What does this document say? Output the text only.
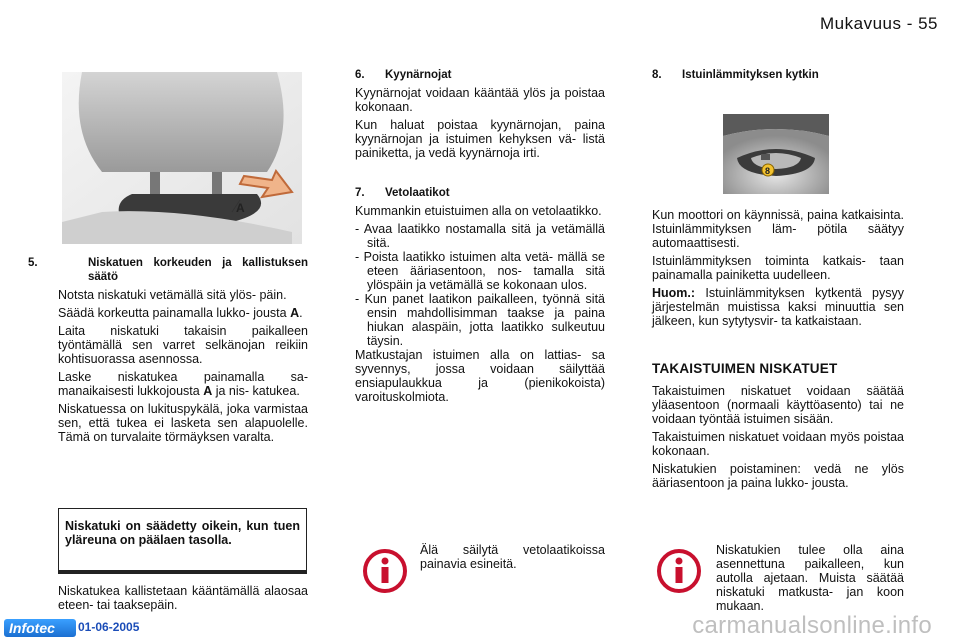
Mukavuus - 55
A

5.	Niskatuen korkeuden ja kallistuksen säätö

Notsta niskatuki vetämällä sitä ylös- päin.

Säädä korkeutta painamalla lukko- jousta A.

Laita niskatuki takaisin paikalleen työntämällä sen varret selkänojan reikiin kohtisuorassa asennossa.

Laske niskatukea painamalla sa- manaikaisesti lukkojousta A ja nis- katukea.

Niskatuessa on lukituspykälä, joka varmistaa sen, että tukea ei lasketa sen alapuolelle. Tämä on turvalaite törmäyksen varalta.

Niskatuki on säädetty oikein, kun tuen yläreuna on päälaen tasolla.

Niskatukea kallistetaan kääntämällä alaosaa eteen- tai taaksepäin.

6. Kyynärnojat

Kyynärnojat voidaan kääntää ylös ja poistaa kokonaan.

Kun haluat poistaa kyynärnojan, paina kyynärnojan ja istuimen kehyksen vä- listä painiketta, ja vedä kyynärnoja irti.

7. Vetolaatikot

Kummankin etuistuimen alla on vetolaatikko.

- Avaa laatikko nostamalla sitä ja vetämällä sitä.
- Poista laatikko istuimen alta vetä- mällä se eteen ääriasentoon, nos- tamalla sitä ylöspäin ja vetämällä se kokonaan ulos.
- Kun panet laatikon paikalleen, työnnä sitä ensin mahdollisimman taakse ja paina hiukan alaspäin, jotta laatikko sulkeutuu täysin.

Matkustajan istuimen alla on lattias- sa syvennys, jossa voidaan säilyttää ensiapulaukkua ja (pienikokoista) varoituskolmiota.

Älä säilytä vetolaatikoissa painavia esineitä.

8. Istuinlämmityksen kytkin

8

Kun moottori on käynnissä, paina katkaisinta. Istuinlämmityksen läm- pötila säätyy automaattisesti.

Istuinlämmityksen toiminta katkais- taan painamalla painiketta uudelleen.

Huom.: Istuinlämmityksen kytkentä pysyy järjestelmän muistissa kaksi minuuttia sen jälkeen, kun sytytysvir- ta katkaistaan.

TAKAISTUIMEN NISKATUET

Takaistuimen niskatuet voidaan säätää yläasentoon (normaali käyttöasento) tai ne voidaan työntää istuimen sisään.

Takaistuimen niskatuet voidaan myös poistaa kokonaan.

Niskatukien poistaminen: vedä ne ylös ääriasentoon ja paina lukko- jousta.

Niskatukien tulee olla aina asennettuna paikalleen, kun autolla ajetaan. Muista säätää niskatuki matkusta- jan koon mukaan.
Infotec	01-06-2005	carmanualsonline.info
